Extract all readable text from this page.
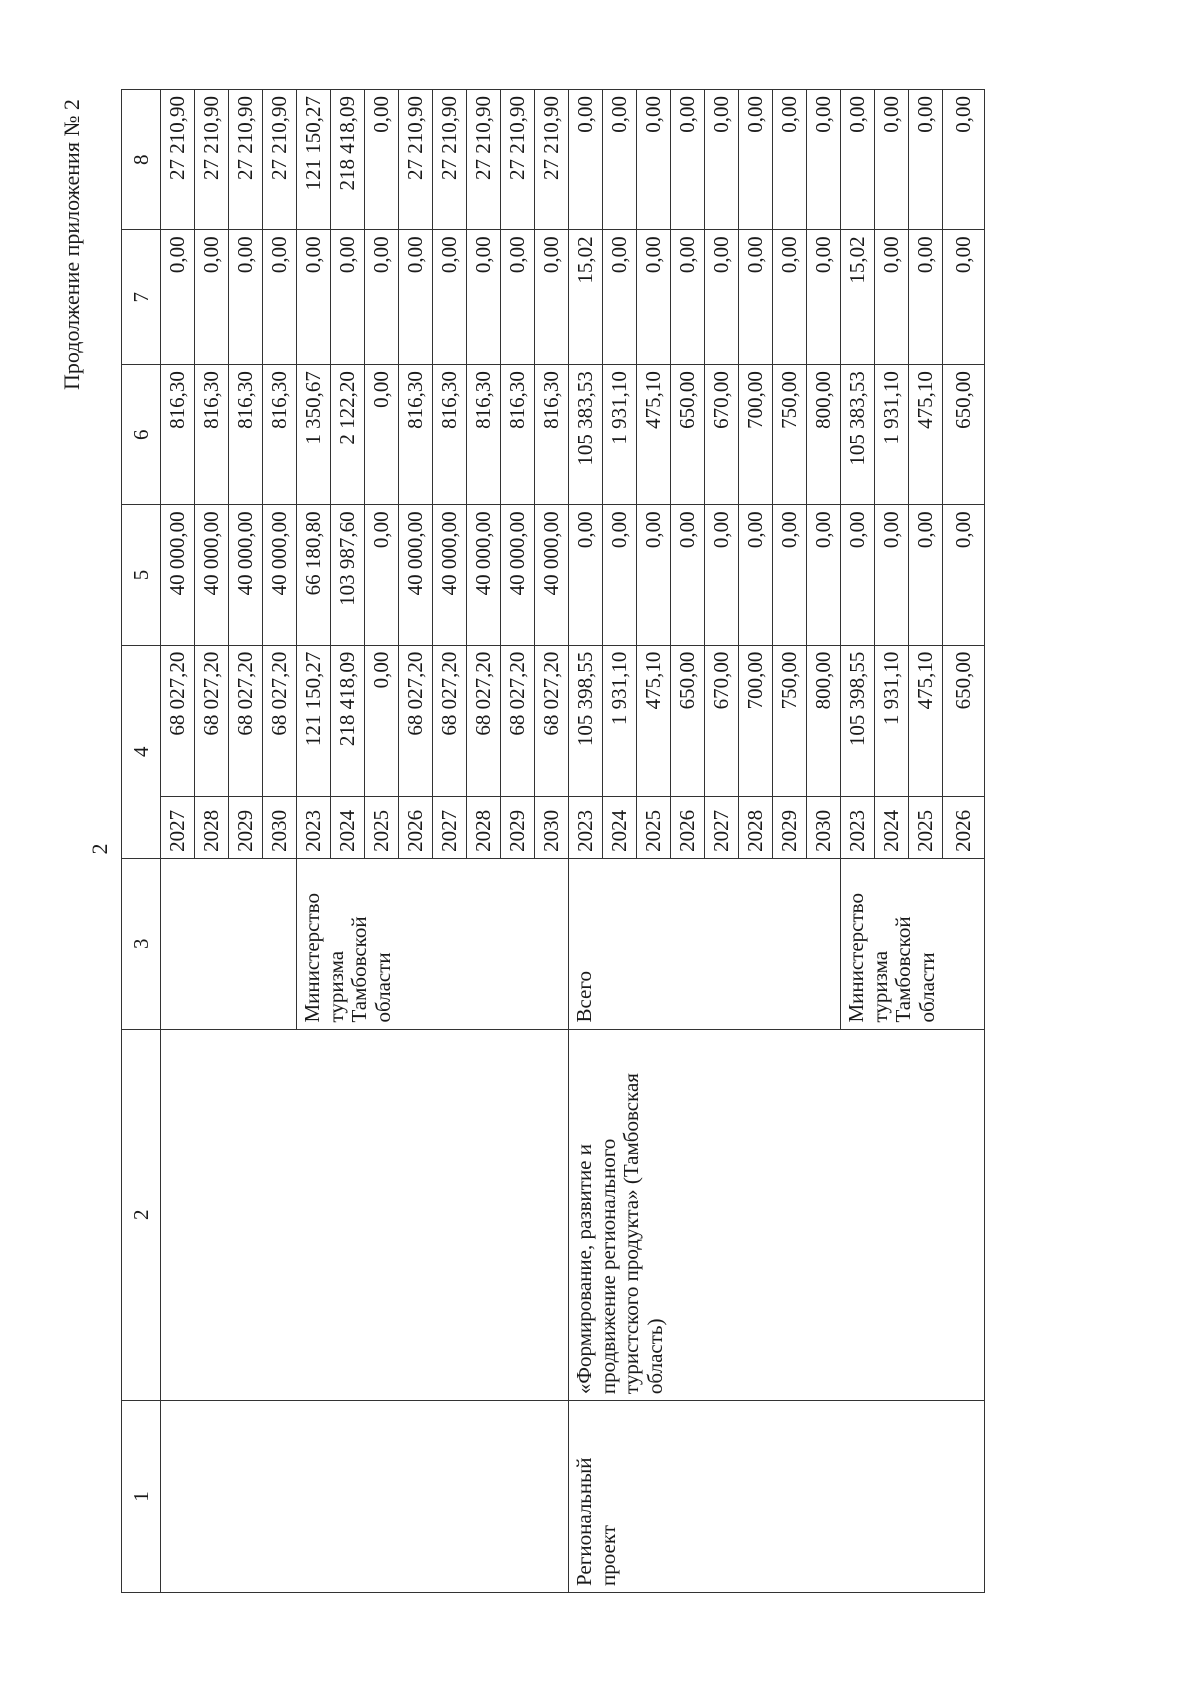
2
Продолжение приложения № 2
1	2	3	4		5	6	7	8
			2027	68 027,20	40 000,00	816,30	0,00	27 210,90
			2028	68 027,20	40 000,00	816,30	0,00	27 210,90
			2029	68 027,20	40 000,00	816,30	0,00	27 210,90
			2030	68 027,20	40 000,00	816,30	0,00	27 210,90
		Министерство туризма Тамбовской области	2023	121 150,27	66 180,80	1 350,67	0,00	121 150,27
			2024	218 418,09	103 987,60	2 122,20	0,00	218 418,09
			2025	0,00	0,00	0,00	0,00	0,00
			2026	68 027,20	40 000,00	816,30	0,00	27 210,90
			2027	68 027,20	40 000,00	816,30	0,00	27 210,90
			2028	68 027,20	40 000,00	816,30	0,00	27 210,90
			2029	68 027,20	40 000,00	816,30	0,00	27 210,90
			2030	68 027,20	40 000,00	816,30	0,00	27 210,90
Региональный проект	«Формирование, развитие и продвижение регионального туристского продукта» (Тамбовская область)	Всего	2023	105 398,55	0,00	105 383,53	15,02	0,00
			2024	1 931,10	0,00	1 931,10	0,00	0,00
			2025	475,10	0,00	475,10	0,00	0,00
			2026	650,00	0,00	650,00	0,00	0,00
			2027	670,00	0,00	670,00	0,00	0,00
			2028	700,00	0,00	700,00	0,00	0,00
			2029	750,00	0,00	750,00	0,00	0,00
			2030	800,00	0,00	800,00	0,00	0,00
		Министерство туризма Тамбовской области	2023	105 398,55	0,00	105 383,53	15,02	0,00
			2024	1 931,10	0,00	1 931,10	0,00	0,00
			2025	475,10	0,00	475,10	0,00	0,00
			2026	650,00	0,00	650,00	0,00	0,00
